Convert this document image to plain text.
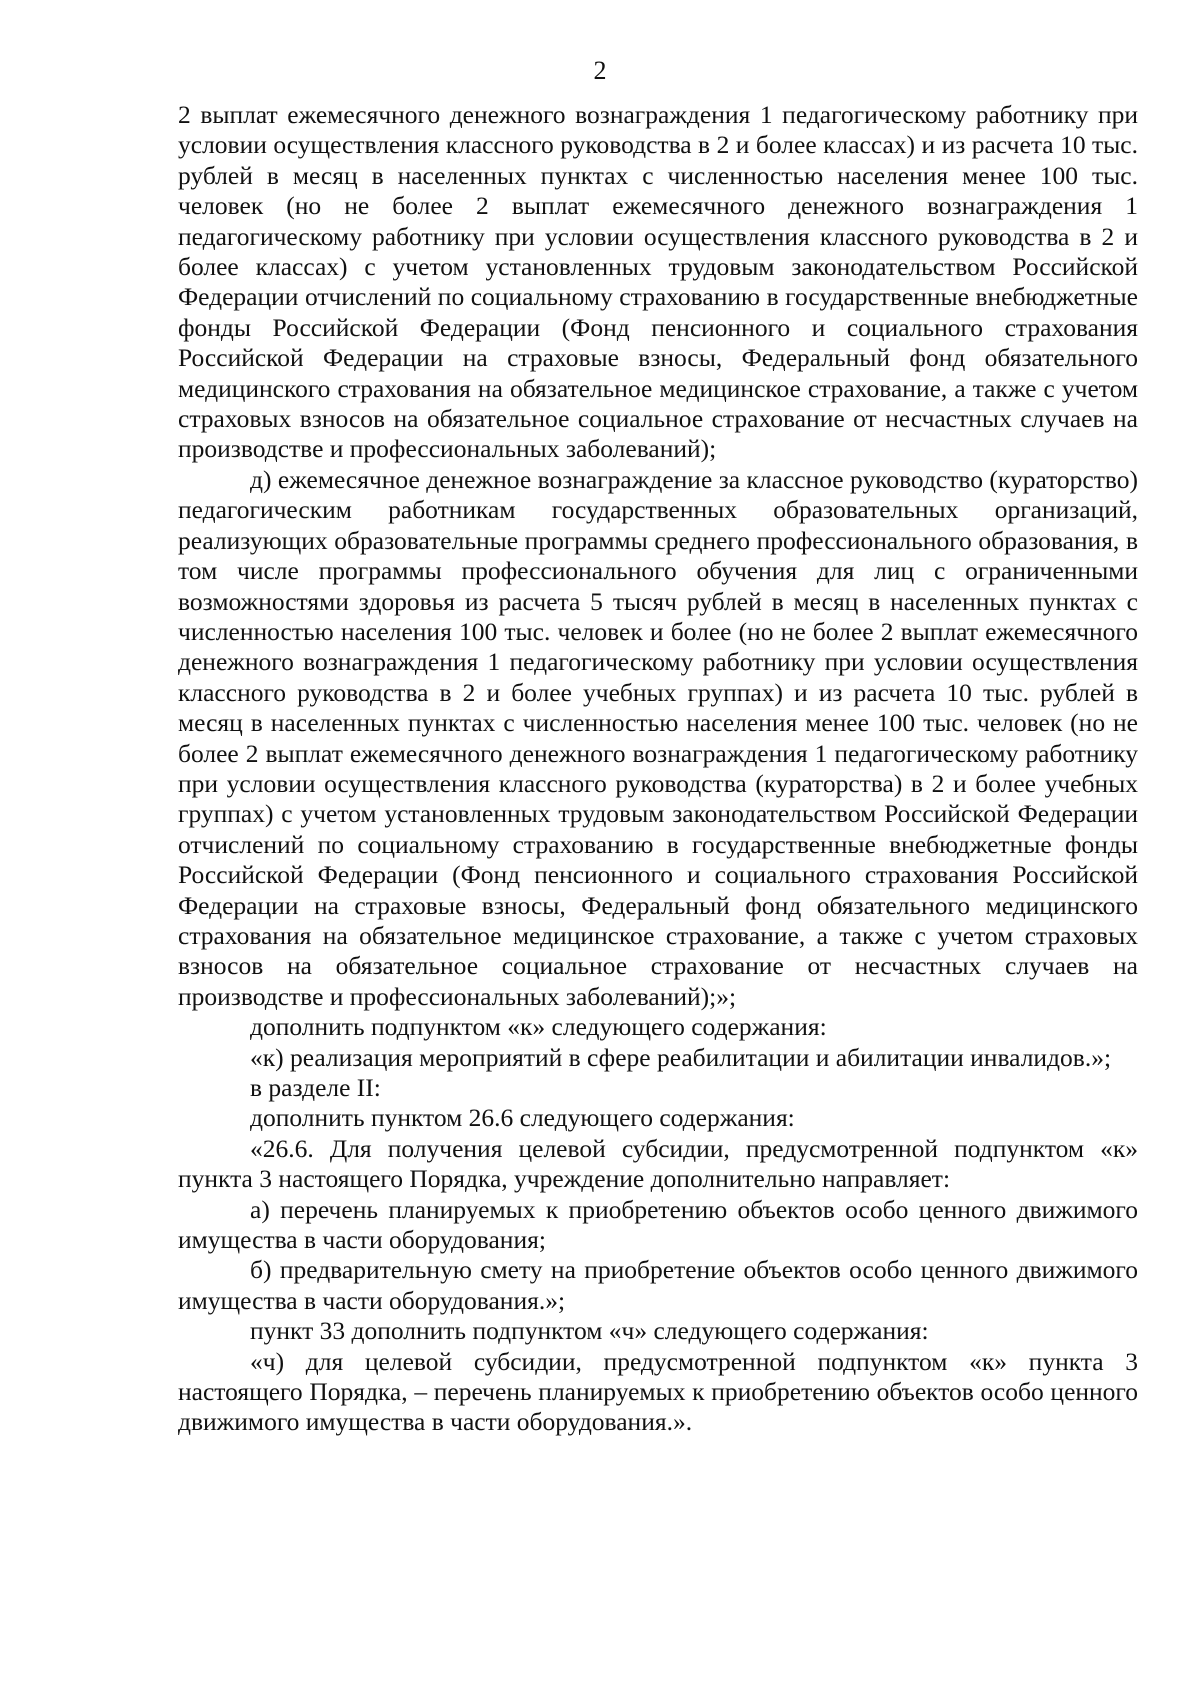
2

2 выплат ежемесячного денежного вознаграждения 1 педагогическому работнику при условии осуществления классного руководства в 2 и более классах) и из расчета 10 тыс. рублей в месяц в населенных пунктах с численностью населения менее 100 тыс. человек (но не более 2 выплат ежемесячного денежного вознаграждения 1 педагогическому работнику при условии осуществления классного руководства в 2 и более классах) с учетом установленных трудовым законодательством Российской Федерации отчислений по социальному страхованию в государственные внебюджетные фонды Российской Федерации (Фонд пенсионного и социального страхования Российской Федерации на страховые взносы, Федеральный фонд обязательного медицинского страхования на обязательное медицинское страхование, а также с учетом страховых взносов на обязательное социальное страхование от несчастных случаев на производстве и профессиональных заболеваний);

д) ежемесячное денежное вознаграждение за классное руководство (кураторство) педагогическим работникам государственных образовательных организаций, реализующих образовательные программы среднего профессионального образования, в том числе программы профессионального обучения для лиц с ограниченными возможностями здоровья из расчета 5 тысяч рублей в месяц в населенных пунктах с численностью населения 100 тыс. человек и более (но не более 2 выплат ежемесячного денежного вознаграждения 1 педагогическому работнику при условии осуществления классного руководства в 2 и более учебных группах) и из расчета 10 тыс. рублей в месяц в населенных пунктах с численностью населения менее 100 тыс. человек (но не более 2 выплат ежемесячного денежного вознаграждения 1 педагогическому работнику при условии осуществления классного руководства (кураторства) в 2 и более учебных группах) с учетом установленных трудовым законодательством Российской Федерации отчислений по социальному страхованию в государственные внебюджетные фонды Российской Федерации (Фонд пенсионного и социального страхования Российской Федерации на страховые взносы, Федеральный фонд обязательного медицинского страхования на обязательное медицинское страхование, а также с учетом страховых взносов на обязательное социальное страхование от несчастных случаев на производстве и профессиональных заболеваний);»;

дополнить подпунктом «к» следующего содержания:

«к) реализация мероприятий в сфере реабилитации и абилитации инвалидов.»;

в разделе II:

дополнить пунктом 26.6 следующего содержания:

«26.6. Для получения целевой субсидии, предусмотренной подпунктом «к» пункта 3 настоящего Порядка, учреждение дополнительно направляет:

а) перечень планируемых к приобретению объектов особо ценного движимого имущества в части оборудования;

б) предварительную смету на приобретение объектов особо ценного движимого имущества в части оборудования.»;

пункт 33 дополнить подпунктом «ч» следующего содержания:

«ч) для целевой субсидии, предусмотренной подпунктом «к» пункта 3 настоящего Порядка, – перечень планируемых к приобретению объектов особо ценного движимого имущества в части оборудования.».
